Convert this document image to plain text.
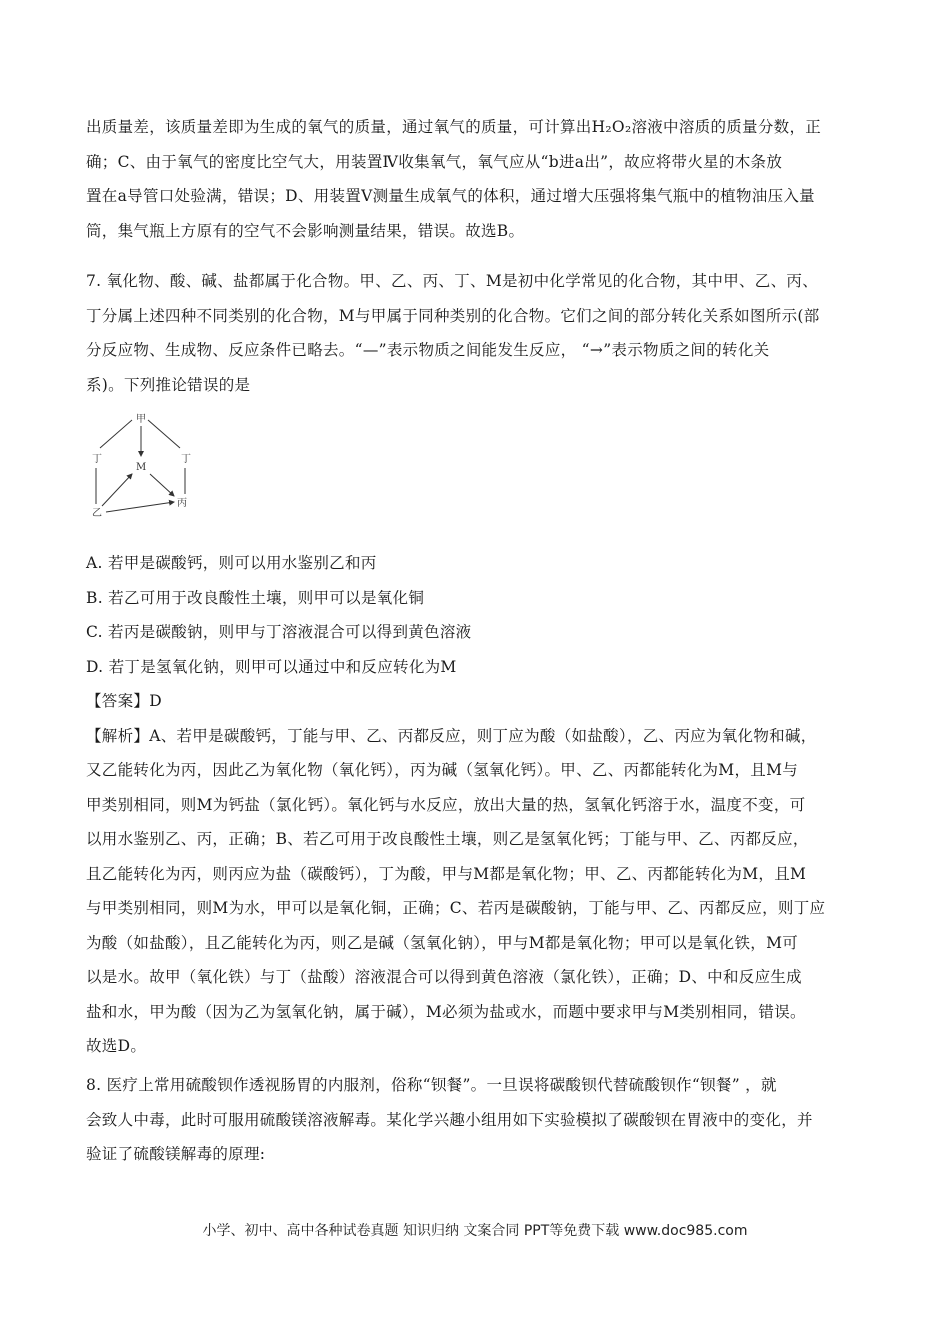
出质量差，该质量差即为生成的氧气的质量，通过氧气的质量，可计算出H₂O₂溶液中溶质的质量分数，正

确；C、由于氧气的密度比空气大，用装置Ⅳ收集氧气，氧气应从“b进a出”，故应将带火星的木条放

置在a导管口处验满，错误；D、用装置Ⅴ测量生成氧气的体积，通过增大压强将集气瓶中的植物油压入量

筒，集气瓶上方原有的空气不会影响测量结果，错误。故选B。

7. 氧化物、酸、碱、盐都属于化合物。甲、乙、丙、丁、M是初中化学常见的化合物，其中甲、乙、丙、

丁分属上述四种不同类别的化合物，M与甲属于同种类别的化合物。它们之间的部分转化关系如图所示(部

分反应物、生成物、反应条件已略去。“—”表示物质之间能发生反应， “→”表示物质之间的转化关

系)。下列推论错误的是

甲
丁	丁
M
乙
丙

A. 若甲是碳酸钙，则可以用水鉴别乙和丙

B. 若乙可用于改良酸性土壤，则甲可以是氧化铜

C. 若丙是碳酸钠，则甲与丁溶液混合可以得到黄色溶液

D. 若丁是氢氧化钠，则甲可以通过中和反应转化为M

【答案】D

【解析】A、若甲是碳酸钙，丁能与甲、乙、丙都反应，则丁应为酸（如盐酸），乙、丙应为氧化物和碱，

又乙能转化为丙，因此乙为氧化物（氧化钙），丙为碱（氢氧化钙）。甲、乙、丙都能转化为M，且M与

甲类别相同，则M为钙盐（氯化钙）。氧化钙与水反应，放出大量的热，氢氧化钙溶于水，温度不变，可

以用水鉴别乙、丙，正确；B、若乙可用于改良酸性土壤，则乙是氢氧化钙；丁能与甲、乙、丙都反应，

且乙能转化为丙，则丙应为盐（碳酸钙），丁为酸，甲与M都是氧化物；甲、乙、丙都能转化为M，且M

与甲类别相同，则M为水，甲可以是氧化铜，正确；C、若丙是碳酸钠，丁能与甲、乙、丙都反应，则丁应

为酸（如盐酸），且乙能转化为丙，则乙是碱（氢氧化钠），甲与M都是氧化物；甲可以是氧化铁，M可

以是水。故甲（氧化铁）与丁（盐酸）溶液混合可以得到黄色溶液（氯化铁），正确；D、中和反应生成

盐和水，甲为酸（因为乙为氢氧化钠，属于碱），M必须为盐或水，而题中要求甲与M类别相同，错误。

故选D。

8. 医疗上常用硫酸钡作透视肠胃的内服剂，俗称“钡餐”。一旦误将碳酸钡代替硫酸钡作“钡餐” ，就

会致人中毒，此时可服用硫酸镁溶液解毒。某化学兴趣小组用如下实验模拟了碳酸钡在胃液中的变化，并

验证了硫酸镁解毒的原理:

小学、初中、高中各种试卷真题 知识归纳 文案合同 PPT等免费下载 www.doc985.com
